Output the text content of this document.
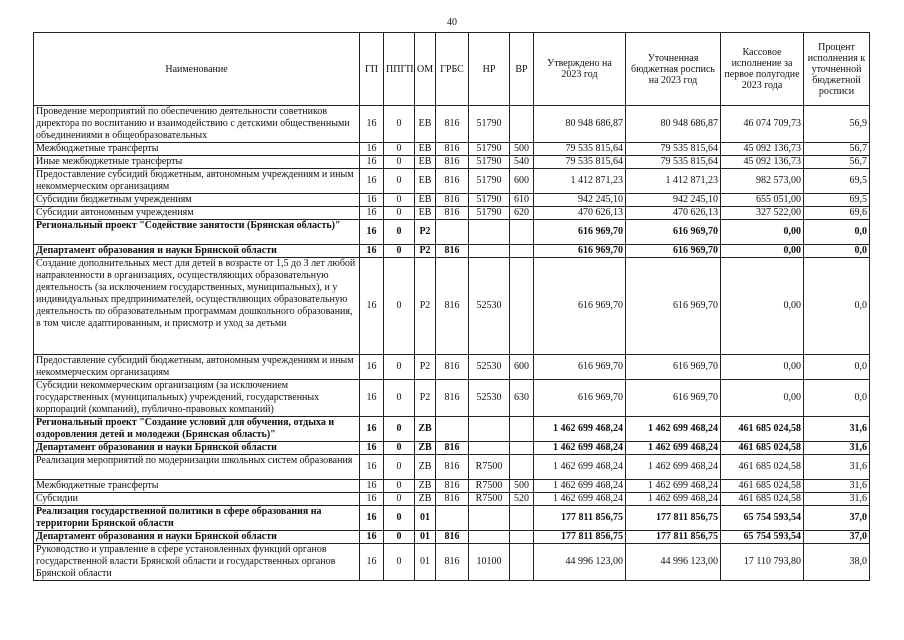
40
Наименование	ГП	ППГП	ОМ	ГРБС	НР	ВР	Утверждено на 2023 год	Уточненная бюджетная роспись на 2023 год	Кассовое исполнение за первое полугодие 2023 года	Процент исполнения к уточненной бюджетной росписи
Проведение мероприятий по обеспечению деятельности советников директора по воспитанию и взаимодействию с детскими общественными объединениями в общеобразовательных	16	0	ЕВ	816	51790		80 948 686,87	80 948 686,87	46 074 709,73	56,9
Межбюджетные трансферты	16	0	ЕВ	816	51790	500	79 535 815,64	79 535 815,64	45 092 136,73	56,7
Иные межбюджетные трансферты	16	0	ЕВ	816	51790	540	79 535 815,64	79 535 815,64	45 092 136,73	56,7
Предоставление субсидий бюджетным, автономным учреждениям и иным некоммерческим организациям	16	0	ЕВ	816	51790	600	1 412 871,23	1 412 871,23	982 573,00	69,5
Субсидии бюджетным учреждениям	16	0	ЕВ	816	51790	610	942 245,10	942 245,10	655 051,00	69,5
Субсидии автономным учреждениям	16	0	ЕВ	816	51790	620	470 626,13	470 626,13	327 522,00	69,6
Региональный проект "Содействие занятости (Брянская область)"	16	0	Р2				616 969,70	616 969,70	0,00	0,0
Департамент образования и науки Брянской области	16	0	Р2	816			616 969,70	616 969,70	0,00	0,0
Создание дополнительных мест для детей в возрасте от 1,5 до 3 лет любой направленности в организациях, осуществляющих образовательную деятельность (за исключением государственных, муниципальных), и у индивидуальных предпринимателей, осуществляющих образовательную деятельность по образовательным программам дошкольного образования, в том числе адаптированным, и присмотр и уход за детьми	16	0	Р2	816	52530		616 969,70	616 969,70	0,00	0,0
Предоставление субсидий бюджетным, автономным учреждениям и иным некоммерческим организациям	16	0	Р2	816	52530	600	616 969,70	616 969,70	0,00	0,0
Субсидии некоммерческим организациям (за исключением государственных (муниципальных) учреждений, государственных корпораций (компаний), публично-правовых компаний)	16	0	Р2	816	52530	630	616 969,70	616 969,70	0,00	0,0
Региональный проект "Создание условий для обучения, отдыха и оздоровления детей и молодежи (Брянская область)"	16	0	ZB				1 462 699 468,24	1 462 699 468,24	461 685 024,58	31,6
Департамент образования и науки Брянской области	16	0	ZB	816			1 462 699 468,24	1 462 699 468,24	461 685 024,58	31,6
Реализация мероприятий по модернизации школьных систем образования	16	0	ZB	816	R7500		1 462 699 468,24	1 462 699 468,24	461 685 024,58	31,6
Межбюджетные трансферты	16	0	ZB	816	R7500	500	1 462 699 468,24	1 462 699 468,24	461 685 024,58	31,6
Субсидии	16	0	ZB	816	R7500	520	1 462 699 468,24	1 462 699 468,24	461 685 024,58	31,6
Реализация государственной политики в сфере образования на территории Брянской области	16	0	01				177 811 856,75	177 811 856,75	65 754 593,54	37,0
Департамент образования и науки Брянской области	16	0	01	816			177 811 856,75	177 811 856,75	65 754 593,54	37,0
Руководство и управление в сфере установленных функций органов государственной власти Брянской области и государственных органов Брянской области	16	0	01	816	10100		44 996 123,00	44 996 123,00	17 110 793,80	38,0
